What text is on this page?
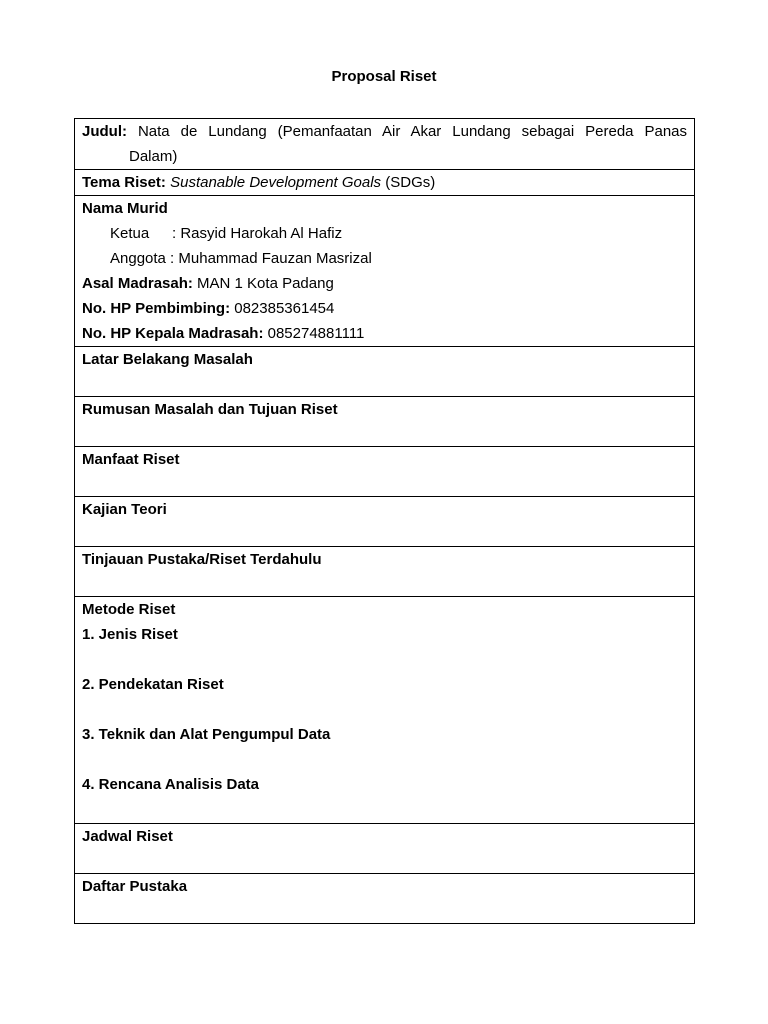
Proposal Riset
Judul: Nata de Lundang (Pemanfaatan Air Akar Lundang sebagai Pereda Panas
Dalam)

Tema Riset: Sustanable Development Goals (SDGs)

Nama Murid
Ketua : Rasyid Harokah Al Hafiz
Anggota : Muhammad Fauzan Masrizal
Asal Madrasah: MAN 1 Kota Padang
No. HP Pembimbing: 082385361454
No. HP Kepala Madrasah: 085274881111

Latar Belakang Masalah
Rumusan Masalah dan Tujuan Riset
Manfaat Riset
Kajian Teori
Tinjauan Pustaka/Riset Terdahulu

Metode Riset
1. Jenis Riset
2. Pendekatan Riset
3. Teknik dan Alat Pengumpul Data
4. Rencana Analisis Data

Jadwal Riset
Daftar Pustaka
